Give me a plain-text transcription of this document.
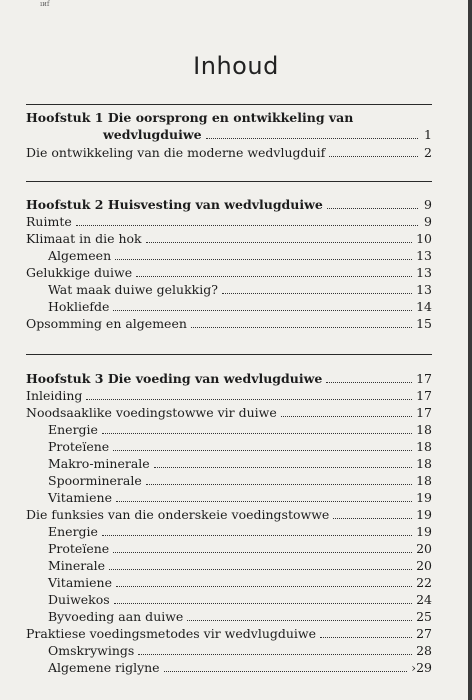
ıиf
Inhoud
Hoofstuk 1 Die oorsprong en ontwikkeling van
wedvlugduiwe	1
Die ontwikkeling van die moderne wedvlugduif	2
Hoofstuk 2 Huisvesting van wedvlugduiwe	9
Ruimte	9
Klimaat in die hok	10
Algemeen	13
Gelukkige duiwe	13
Wat maak duiwe gelukkig?	13
Hokliefde	14
Opsomming en algemeen	15
Hoofstuk 3 Die voeding van wedvlugduiwe	17
Inleiding	17
Noodsaaklike voedingstowwe vir duiwe	17
Energie	18
Proteïene	18
Makro-minerale	18
Spoorminerale	18
Vitamiene	19
Die funksies van die onderskeie voedingstowwe	19
Energie	19
Proteïene	20
Minerale	20
Vitamiene	22
Duiwekos	24
Byvoeding aan duiwe	25
Praktiese voedingsmetodes vir wedvlugduiwe	27
Omskrywings	28
Algemene riglyne	›29
